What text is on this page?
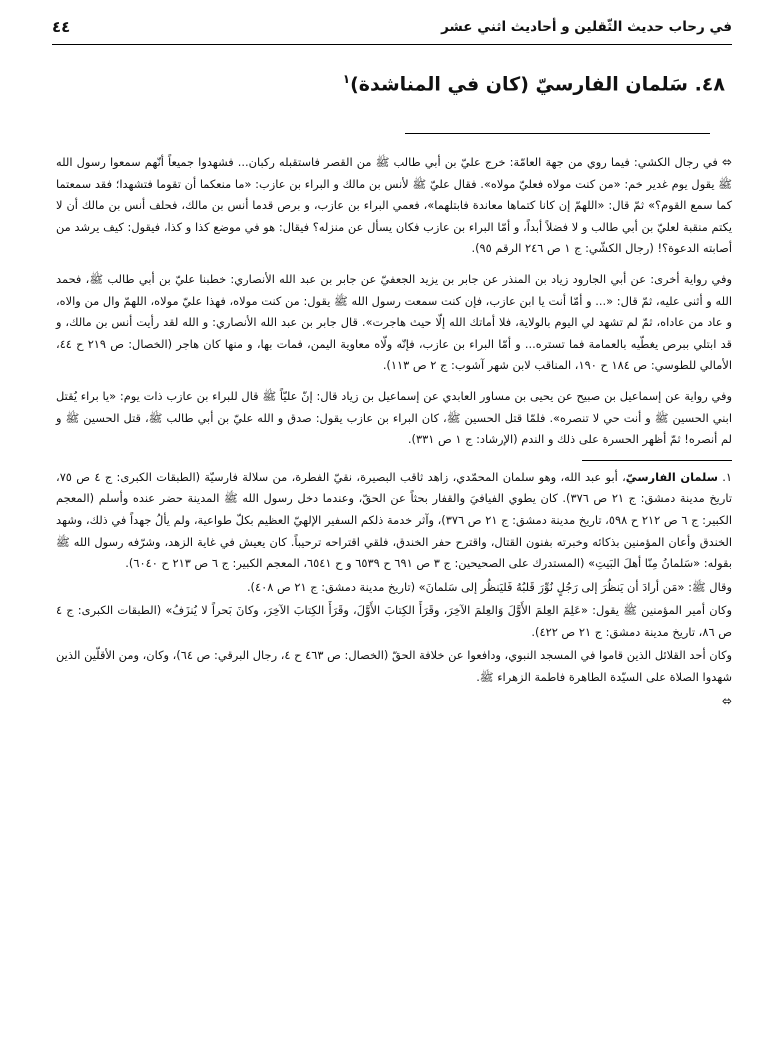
٤٤	في رحاب حديث الثّقلين و أحاديث اثني عشر
٤٨. سَلمان الفارسيّ (كان في المناشدة)$^١$

⬄ في رجال الكشي: فيما روي من جهة العامّة: خرج عليّ بن أبي طالب ﷺ من القصر فاستقبله ركبان... فشهدوا جميعاً أنّهم سمعوا رسول الله ﷺ يقول يوم غدير خم: «من كنت مولاه فعليّ مولاه». فقال عليّ ﷺ لأنس بن مالك و البراء بن عازب: «ما منعكما أن تقوما فتشهدا؛ فقد سمعتما كما سمع القوم؟» ثمّ قال: «اللهمّ إن كانا كتماها معاندة فابتلهما»، فعمي البراء بن عازب، و برص قدما أنس بن مالك، فحلف أنس بن مالك أن لا يكتم منقبة لعليّ بن أبي طالب و لا فضلاً أبداً، و أمّا البراء بن عازب فكان يسأل عن منزله؟ فيقال: هو في موضع كذا و كذا، فيقول: كيف يرشد من أصابته الدعوة؟! (رجال الكشّي: ج ١ ص ٢٤٦ الرقم ٩٥).

وفي رواية أخرى: عن أبي الجارود زياد بن المنذر عن جابر بن يزيد الجعفيّ عن جابر بن عبد الله الأنصاري: خطبنا عليّ بن أبي طالب ﷺ، فحمد الله و أثنى عليه، ثمّ قال: «... و أمّا أنت يا ابن عازب، فإن كنت سمعت رسول الله ﷺ يقول: من كنت مولاه، فهذا عليّ مولاه، اللهمّ وال من والاه، و عاد من عاداه، ثمّ لم تشهد لي اليوم بالولاية، فلا أماتك الله إلّا حيث هاجرت». قال جابر بن عبد الله الأنصاري: و الله لقد رأيت أنس بن مالك، و قد ابتلي ببرص يغطّيه بالعمامة فما تستره... و أمّا البراء بن عازب، فإنّه ولّاه معاوية اليمن، فمات بها، و منها كان هاجر (الخصال: ص ٢١٩ ح ٤٤، الأمالي للطوسي: ص ١٨٤ ح ١٩٠، المناقب لابن شهر آشوب: ج ٢ ص ١١٣).

وفي رواية عن إسماعيل بن صبيح عن يحيى بن مساور العابدي عن إسماعيل بن زياد قال: إنّ عليّاً ﷺ قال للبراء بن عازب ذات يوم: «يا براء يُقتل ابني الحسين ﷺ و أنت حي لا تنصره». فلمّا قتل الحسين ﷺ، كان البراء بن عازب يقول: صدق و الله عليّ بن أبي طالب ﷺ، قتل الحسين ﷺ و لم أنصره! ثمّ أظهر الحسرة على ذلك و الندم (الإرشاد: ج ١ ص ٣٣١).

١. سلمان الفارسيّ، أبو عبد الله، وهو سلمان المحمّدي، زاهد ثاقب البصيرة، نقيّ الفطرة، من سلالة فارسيّة (الطبقات الكبرى: ج ٤ ص ٧٥، تاريخ مدينة دمشق: ج ٢١ ص ٣٧٦). كان يطوي الفيافيَ والقفار بحثاً عن الحقّ، وعندما دخل رسول الله ﷺ المدينة حضر عنده وأسلم (المعجم الكبير: ج ٦ ص ٢١٢ ح ٥٩٨، تاريخ مدينة دمشق: ج ٢١ ص ٣٧٦)، وآثر خدمة ذلكم السفير الإلهيّ العظيم بكلّ طواعية، ولم يألُ جهداً في ذلك، وشهد الخندق وأعان المؤمنين بذكائه وخبرته بفنون القتال، واقترح حفر الخندق، فلقي اقتراحه ترحيباً. كان يعيش في غاية الزهد، وشرّفه رسول الله ﷺ بقوله: «سَلمانُ مِنّا أهلَ البَيتِ» (المستدرك على الصحيحين: ج ٣ ص ٦٩١ ح ٦٥٣٩ و ح ٦٥٤١، المعجم الكبير: ج ٦ ص ٢١٣ ح ٦٠٤٠).

وقال ﷺ: «مَن أرادَ أن يَنظُرَ إلى رَجُلٍ نُوِّرَ قَلبُهُ فَليَنظُر إلى سَلمانَ» (تاريخ مدينة دمشق: ج ٢١ ص ٤٠٨).

وكان أمير المؤمنين ﷺ يقول: «عَلِمَ العِلمَ الأَوَّلَ وَالعِلمَ الآخِرَ، وقَرَأَ الكِتابَ الأَوَّلَ، وقَرَأَ الكِتابَ الآخِرَ، وكانَ بَحراً لا يُنزَفُ» (الطبقات الكبرى: ج ٤ ص ٨٦، تاريخ مدينة دمشق: ج ٢١ ص ٤٢٢).

وكان أحد القلائل الذين قاموا في المسجد النبوي، ودافعوا عن خلافة الحقّ (الخصال: ص ٤٦٣ ح ٤، رجال البرقي: ص ٦٤)، وكان، ومن الأقلّين الذين شهدوا الصلاة على السيّدة الطاهرة فاطمة الزهراء ﷺ.

⬄
